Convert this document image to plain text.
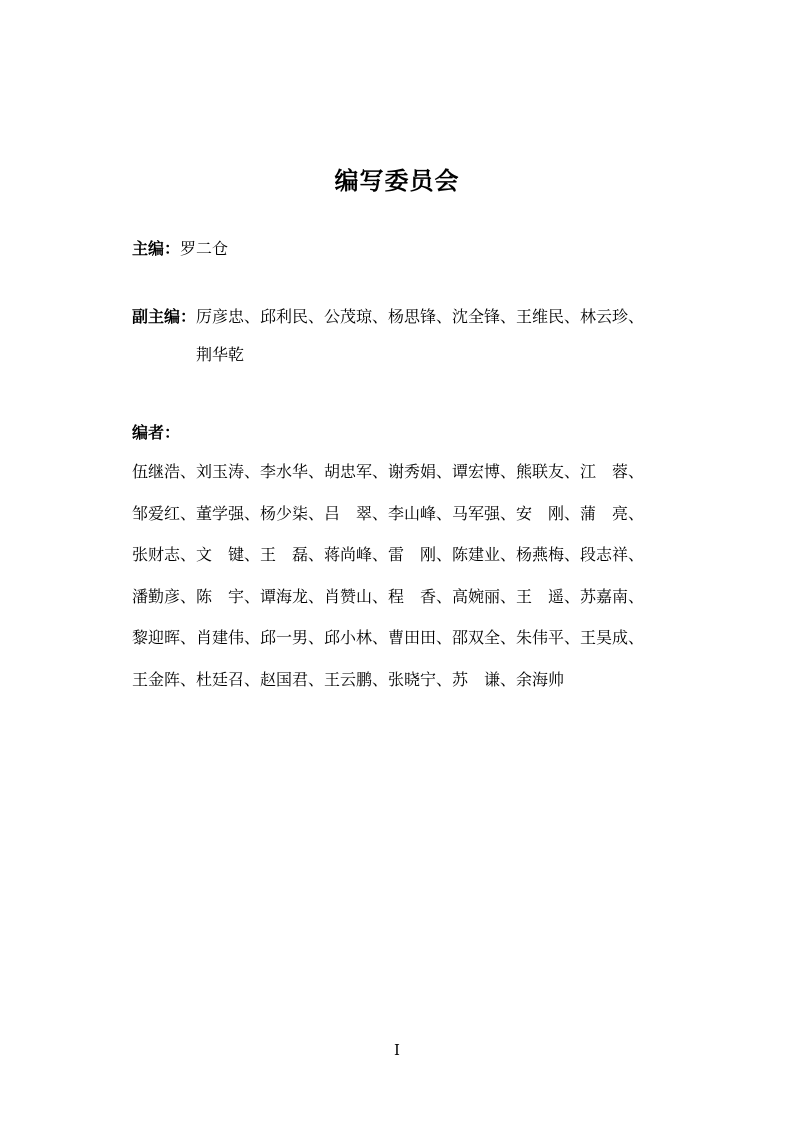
编写委员会
主编：罗二仓
副主编： 厉彦忠、邱利民、公茂琼、杨思锋、沈全锋、王维民、林云珍、
荆华乾
编者：
伍继浩、刘玉涛、李水华、胡忠军、谢秀娟、谭宏博、熊联友、江　蓉、
邹爱红、董学强、杨少柒、吕　翠、李山峰、马军强、安　刚、蒲　亮、
张财志、文　键、王　磊、蒋尚峰、雷　刚、陈建业、杨燕梅、段志祥、
潘勤彦、陈　宇、谭海龙、肖赞山、程　香、高婉丽、王　遥、苏嘉南、
黎迎晖、肖建伟、邱一男、邱小林、曹田田、邵双全、朱伟平、王昊成、
王金阵、杜廷召、赵国君、王云鹏、张晓宁、苏　谦、余海帅
I
